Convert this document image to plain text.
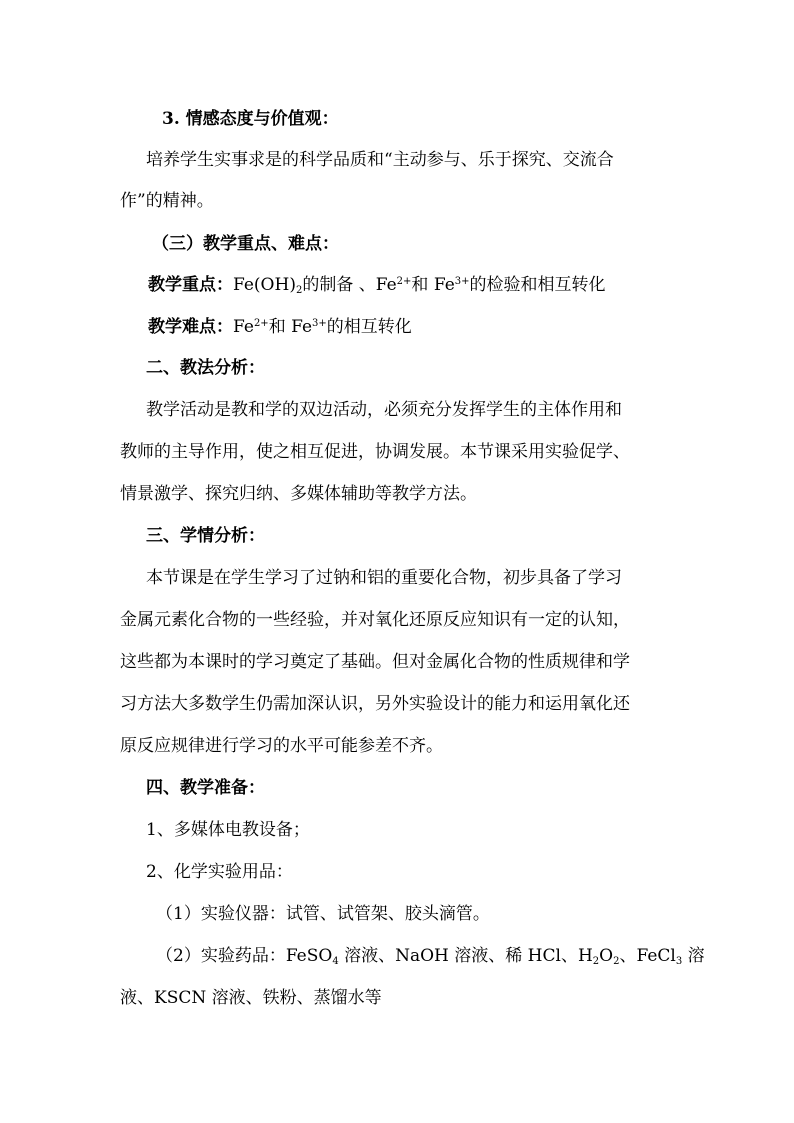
3. 情感态度与价值观：
培养学生实事求是的科学品质和“主动参与、乐于探究、交流合
作”的精神。
（三）教学重点、难点：
教学重点：$Fe(OH)_2$的制备 、$Fe^{2+}$和 $Fe^{3+}$的检验和相互转化
教学难点：$Fe^{2+}$和 $Fe^{3+}$的相互转化
二、教法分析：
教学活动是教和学的双边活动，必须充分发挥学生的主体作用和
教师的主导作用，使之相互促进，协调发展。本节课采用实验促学、
情景激学、探究归纳、多媒体辅助等教学方法。
三、学情分析：
本节课是在学生学习了过钠和铝的重要化合物，初步具备了学习
金属元素化合物的一些经验，并对氧化还原反应知识有一定的认知，
这些都为本课时的学习奠定了基础。但对金属化合物的性质规律和学
习方法大多数学生仍需加深认识，另外实验设计的能力和运用氧化还
原反应规律进行学习的水平可能参差不齐。
四、教学准备：
1、多媒体电教设备；
2、化学实验用品：
（1）实验仪器：试管、试管架、胶头滴管。
（2）实验药品：FeSO$_4$ 溶液、NaOH 溶液、稀 HCl、$H_2O_2$、FeCl$_3$ 溶
液、KSCN 溶液、铁粉、蒸馏水等
